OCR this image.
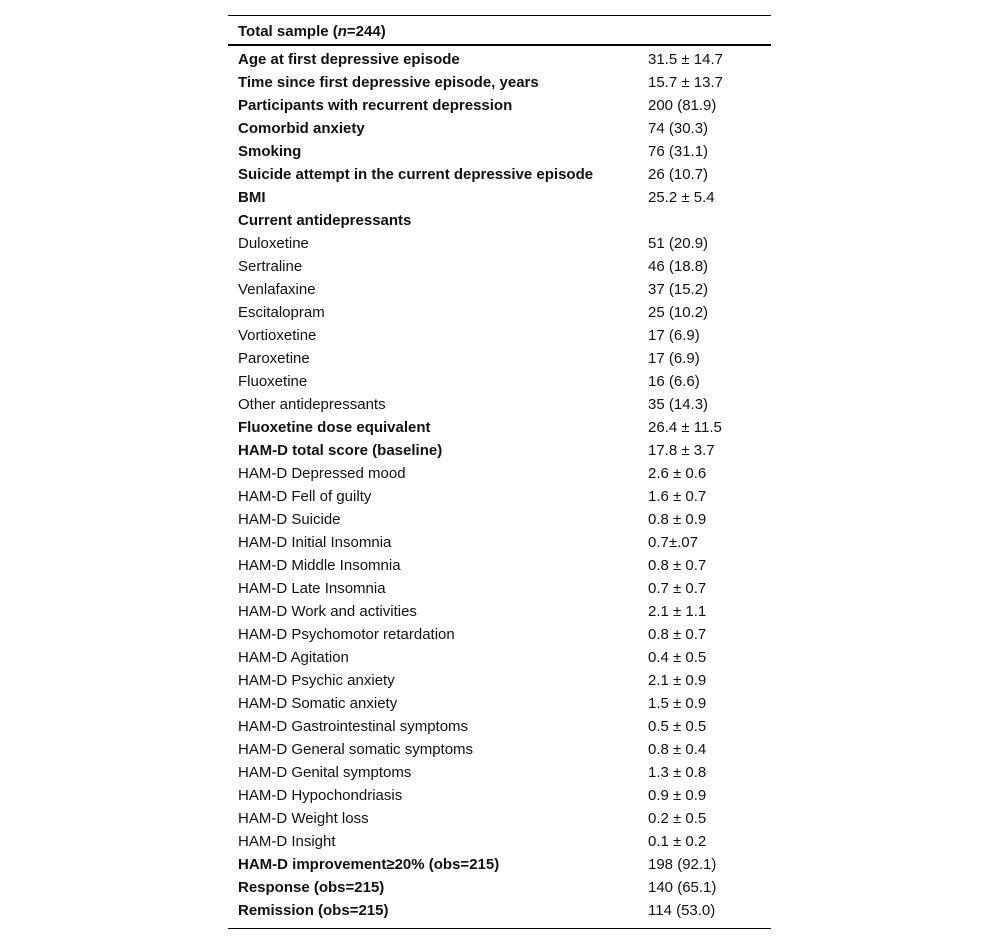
Total sample (n=244)
Age at first depressive episode	31.5 ± 14.7
Time since first depressive episode, years	15.7 ± 13.7
Participants with recurrent depression	200 (81.9)
Comorbid anxiety	74 (30.3)
Smoking	76 (31.1)
Suicide attempt in the current depressive episode	26 (10.7)
BMI	25.2 ± 5.4
Current antidepressants
Duloxetine	51 (20.9)
Sertraline	46 (18.8)
Venlafaxine	37 (15.2)
Escitalopram	25 (10.2)
Vortioxetine	17 (6.9)
Paroxetine	17 (6.9)
Fluoxetine	16 (6.6)
Other antidepressants	35 (14.3)
Fluoxetine dose equivalent	26.4 ± 11.5
HAM-D total score (baseline)	17.8 ± 3.7
HAM-D Depressed mood	2.6 ± 0.6
HAM-D Fell of guilty	1.6 ± 0.7
HAM-D Suicide	0.8 ± 0.9
HAM-D Initial Insomnia	0.7±.07
HAM-D Middle Insomnia	0.8 ± 0.7
HAM-D Late Insomnia	0.7 ± 0.7
HAM-D Work and activities	2.1 ± 1.1
HAM-D Psychomotor retardation	0.8 ± 0.7
HAM-D Agitation	0.4 ± 0.5
HAM-D Psychic anxiety	2.1 ± 0.9
HAM-D Somatic anxiety	1.5 ± 0.9
HAM-D Gastrointestinal symptoms	0.5 ± 0.5
HAM-D General somatic symptoms	0.8 ± 0.4
HAM-D Genital symptoms	1.3 ± 0.8
HAM-D Hypochondriasis	0.9 ± 0.9
HAM-D Weight loss	0.2 ± 0.5
HAM-D Insight	0.1 ± 0.2
HAM-D improvement≥20% (obs=215)	198 (92.1)
Response (obs=215)	140 (65.1)
Remission (obs=215)	114 (53.0)
